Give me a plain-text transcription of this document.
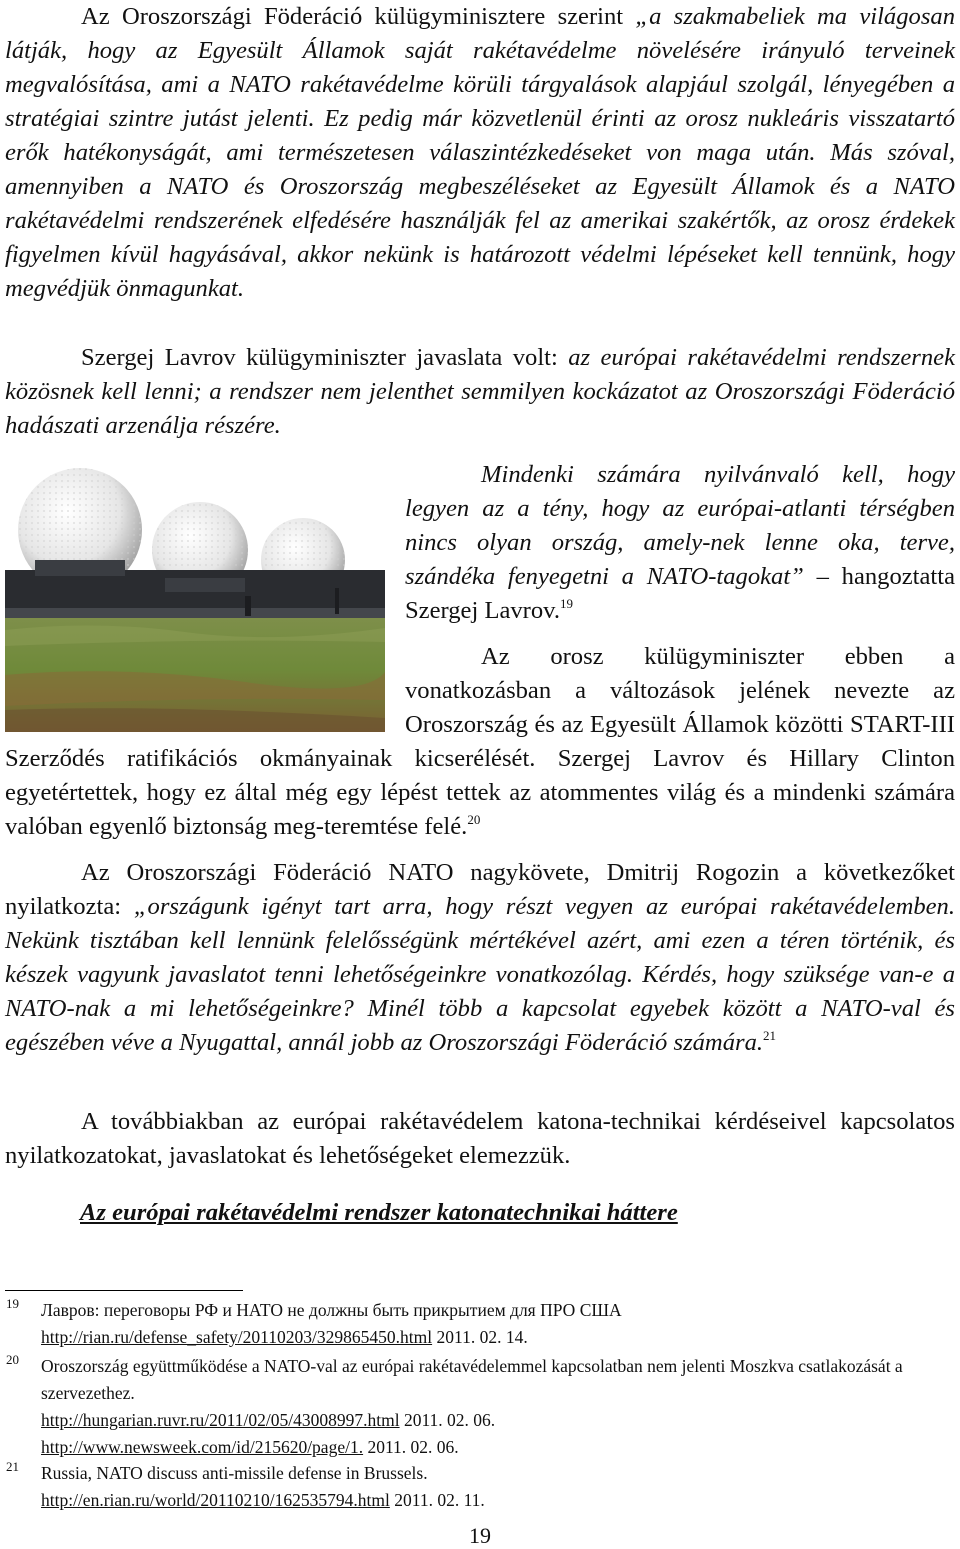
Az Oroszországi Föderáció külügyminisztere szerint „a szakmabeliek ma világosan látják, hogy az Egyesült Államok saját rakétavédelme növelésére irányuló terveinek megvalósítása, ami a NATO rakétavédelme körüli tárgyalások alapjául szolgál, lényegében a stratégiai szintre jutást jelenti. Ez pedig már közvetlenül érinti az orosz nukleáris visszatartó erők hatékonyságát, ami természetesen válaszintézkedéseket von maga után. Más szóval, amennyiben a NATO és Oroszország megbeszéléseket az Egyesült Államok és a NATO rakétavédelmi rendszerének elfedésére használják fel az amerikai szakértők, az orosz érdekek figyelmen kívül hagyásával, akkor nekünk is határozott védelmi lépéseket kell tennünk, hogy megvédjük önmagunkat.

Szergej Lavrov külügyminiszter javaslata volt: az európai rakétavédelmi rendszernek közösnek kell lenni; a rendszer nem jelenthet semmilyen kockázatot az Oroszországi Föderáció hadászati arzenálja részére.

Mindenki számára nyilvánvaló kell, hogy legyen az a tény, hogy az európai-atlanti térségben nincs olyan ország, amely-nek lenne oka, terve, szándéka fenyegetni a NATO-tagokat” – hangoztatta Szergej Lavrov.$^{19}$

Az orosz külügyminiszter ebben a vonatkozásban a változások jelének nevezte az Oroszország és az Egyesült Államok közötti START-III Szerződés ratifikációs okmányainak kicserélését. Szergej Lavrov és Hillary Clinton egyetértettek, hogy ez által még egy lépést tettek az atommentes világ és a mindenki számára valóban egyenlő biztonság meg-teremtése felé.$^{20}$

Az Oroszországi Föderáció NATO nagykövete, Dmitrij Rogozin a következőket nyilatkozta: „országunk igényt tart arra, hogy részt vegyen az európai rakétavédelemben. Nekünk tisztában kell lennünk felelősségünk mértékével azért, ami ezen a téren történik, és készek vagyunk javaslatot tenni lehetőségeinkre vonatkozólag. Kérdés, hogy szüksége van-e a NATO-nak a mi lehetőségeinkre? Minél több a kapcsolat egyebek között a NATO-val és egészében véve a Nyugattal, annál jobb az Oroszországi Föderáció számára.$^{21}$

A továbbiakban az európai rakétavédelem katona-technikai kérdéseivel kapcsolatos nyilatkozatokat, javaslatokat és lehetőségeket elemezzük.

Az európai rakétavédelmi rendszer katonatechnikai háttere

19 Лавров: переговоры РФ и НАТО не должны быть прикрытием для ПРО США
http://rian.ru/defense_safety/20110203/329865450.html 2011. 02. 14.
20 Oroszország együttműködése a NATO-val az európai rakétavédelemmel kapcsolatban nem jelenti Moszkva csatlakozását a szervezethez.
http://hungarian.ruvr.ru/2011/02/05/43008997.html 2011. 02. 06.
http://www.newsweek.com/id/215620/page/1. 2011. 02. 06.
21 Russia, NATO discuss anti-missile defense in Brussels.
http://en.rian.ru/world/20110210/162535794.html 2011. 02. 11.
19
